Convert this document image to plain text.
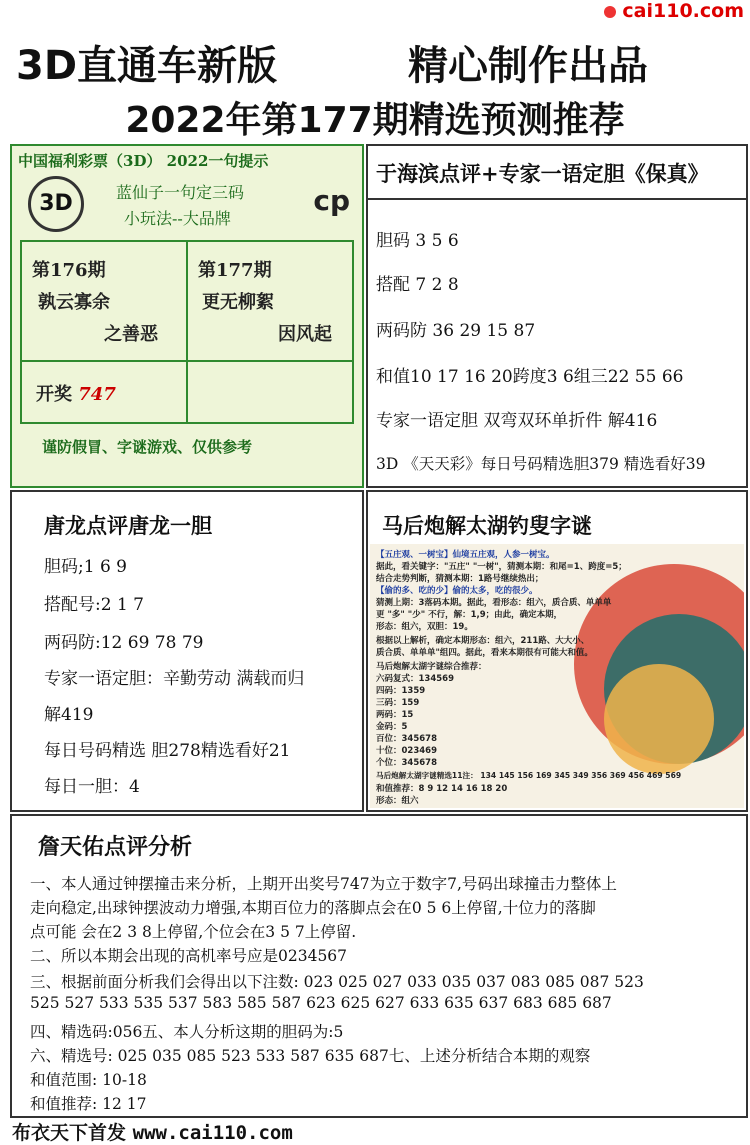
cai110.com
3D直通车新版	精心制作出品
2022年第177期精选预测推荐
中国福利彩票（3D） 2022一句提示
3D	蓝仙子一句定三码
小玩法--大品牌
cp
第176期
孰云寡余
之善恶
第177期
更无柳絮
因风起
开奖 747
谨防假冒、字谜游戏、仅供参考
于海滨点评+专家一语定胆《保真》
胆码 3 5 6
搭配 7 2 8
两码防 36 29 15 87
和值10 17 16 20跨度3 6组三22 55 66
专家一语定胆 双弯双环单折件 解416
3D 《天天彩》每日号码精选胆379 精选看好39
唐龙点评唐龙一胆
胆码;1 6 9
搭配号:2 1 7
两码防:12 69 78 79
专家一语定胆：辛勤劳动 满载而归
解419
每日号码精选 胆278精选看好21
每日一胆：4
马后炮解太湖钓叟字谜
【五庄观、一树宝】仙境五庄观，人参一树宝。
据此，看关键字："五庄" "一树"，猜测本期：和尾=1、跨度=5；
结合走势判断，猜测本期：1路号继续热出；
【偷的多、吃的少】偷的太多，吃的很少。
猜测上期：3落码本期。据此，看形态：组六，质合质、单单单
更 "多" "少" 不行，解：1,9；由此，确定本期，
形态：组六，双胆：19。
根据以上解析，确定本期形态：组六，211路、大大小、
质合质、单单单"组四。据此，看来本期很有可能大和值。
马后炮解太湖字谜综合推荐：
六码复式：134569
四码：1359
三码：159
两码：15
金码：5
百位：345678
十位：023469
个位：345678
马后炮解太湖字谜精选11注： 134 145 156 169 345 349 356 369 456 469 569
和值推荐：8 9 12 14 16 18 20
形态：组六
詹天佑点评分析
一、本人通过钟摆撞击来分析，上期开出奖号747为立于数字7,号码出球撞击力整体上
走向稳定,出球钟摆波动力增强,本期百位力的落脚点会在0 5 6上停留,十位力的落脚
点可能 会在2 3 8上停留,个位会在3 5 7上停留.
二、所以本期会出现的高机率号应是0234567
三、根据前面分析我们会得出以下注数: 023 025 027 033 035 037 083 085 087 523
525 527 533 535 537 583 585 587 623 625 627 633 635 637 683 685 687
四、精选码:056五、本人分析这期的胆码为:5
六、精选号: 025 035 085 523 533 587 635 687七、上述分析结合本期的观察
和值范围: 10-18
和值推荐: 12 17
布衣天下首发 www.cai110.com
